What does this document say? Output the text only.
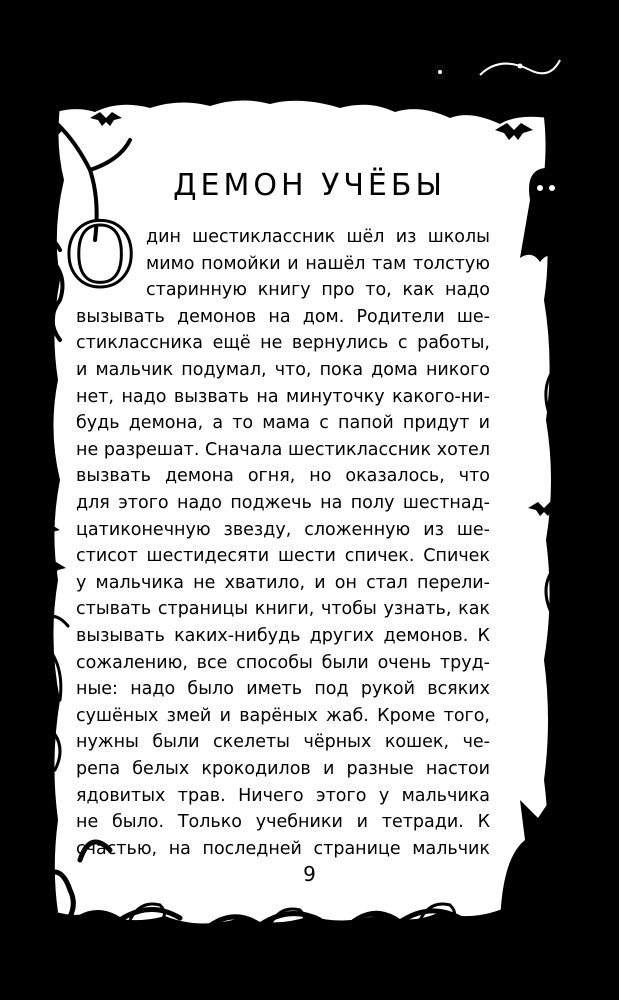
ДЕМОН УЧЁБЫ
О дин шестиклассник шёл из школы
мимо помойки и нашёл там толстую
старинную книгу про то, как надо
вызывать демонов на дом. Родители ше-
стиклассника ещё не вернулись с работы,
и мальчик подумал, что, пока дома никого
нет, надо вызвать на минуточку какого-ни-
будь демона, а то мама с папой придут и
не разрешат. Сначала шестиклассник хотел
вызвать демона огня, но оказалось, что
для этого надо поджечь на полу шестнад-
цатиконечную звезду, сложенную из ше-
стисот шестидесяти шести спичек. Спичек
у мальчика не хватило, и он стал перели-
стывать страницы книги, чтобы узнать, как
вызывать каких-нибудь других демонов. К
сожалению, все способы были очень труд-
ные: надо было иметь под рукой всяких
сушёных змей и варёных жаб. Кроме того,
нужны были скелеты чёрных кошек, че-
репа белых крокодилов и разные настои
ядовитых трав. Ничего этого у мальчика
не было. Только учебники и тетради. К
счастью, на последней странице мальчик
9
